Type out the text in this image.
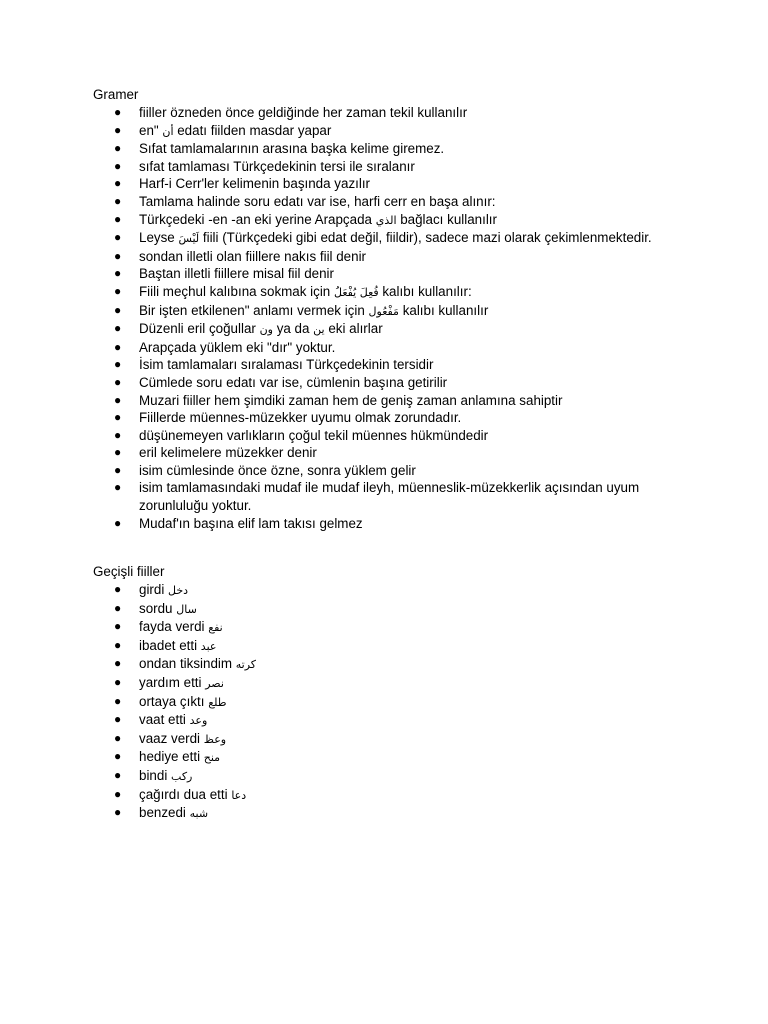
Gramer
●	fiiller özneden önce geldiğinde her zaman tekil kullanılır
●	en" أن edatı fiilden masdar yapar
●	Sıfat tamlamalarının arasına başka kelime giremez.
●	sıfat tamlaması Türkçedekinin tersi ile sıralanır
●	Harf-i Cerr'ler kelimenin başında yazılır
●	Tamlama halinde soru edatı var ise, harfi cerr en başa alınır:
●	Türkçedeki -en -an eki yerine Arapçada الذي bağlacı kullanılır
●	Leyse لَيْسَ fiili (Türkçedeki gibi edat değil, fiildir), sadece mazi olarak çekimlenmektedir.
●	sondan illetli olan fiillere nakıs fiil denir
●	Baştan illetli fiillere misal fiil denir
●	Fiili meçhul kalıbına sokmak için فُعِلَ يُفْعَلُ kalıbı kullanılır:
●	Bir işten etkilenen" anlamı vermek için مَفْعُول kalıbı kullanılır
●	Düzenli eril çoğullar ون ya da ين eki alırlar
●	Arapçada yüklem eki "dır" yoktur.
●	İsim tamlamaları sıralaması Türkçedekinin tersidir
●	Cümlede soru edatı var ise, cümlenin başına getirilir
●	Muzari fiiller hem şimdiki zaman hem de geniş zaman anlamına sahiptir
●	Fiillerde müennes-müzekker uyumu olmak zorundadır.
●	düşünemeyen varlıkların çoğul tekil müennes hükmündedir
●	eril kelimelere müzekker denir
●	isim cümlesinde önce özne, sonra yüklem gelir
●	isim tamlamasındaki mudaf ile mudaf ileyh, müenneslik-müzekkerlik açısından uyum zorunluluğu yoktur.
●	Mudaf'ın başına elif lam takısı gelmez
Geçişli fiiller
●	girdi دخل
●	sordu سال
●	fayda verdi نفع
●	ibadet etti عبد
●	ondan tiksindim كرته
●	yardım etti نصر
●	ortaya çıktı طلع
●	vaat etti وعد
●	vaaz verdi وعظ
●	hediye etti منح
●	bindi ركب
●	çağırdı dua etti دعا
●	benzedi شبه
